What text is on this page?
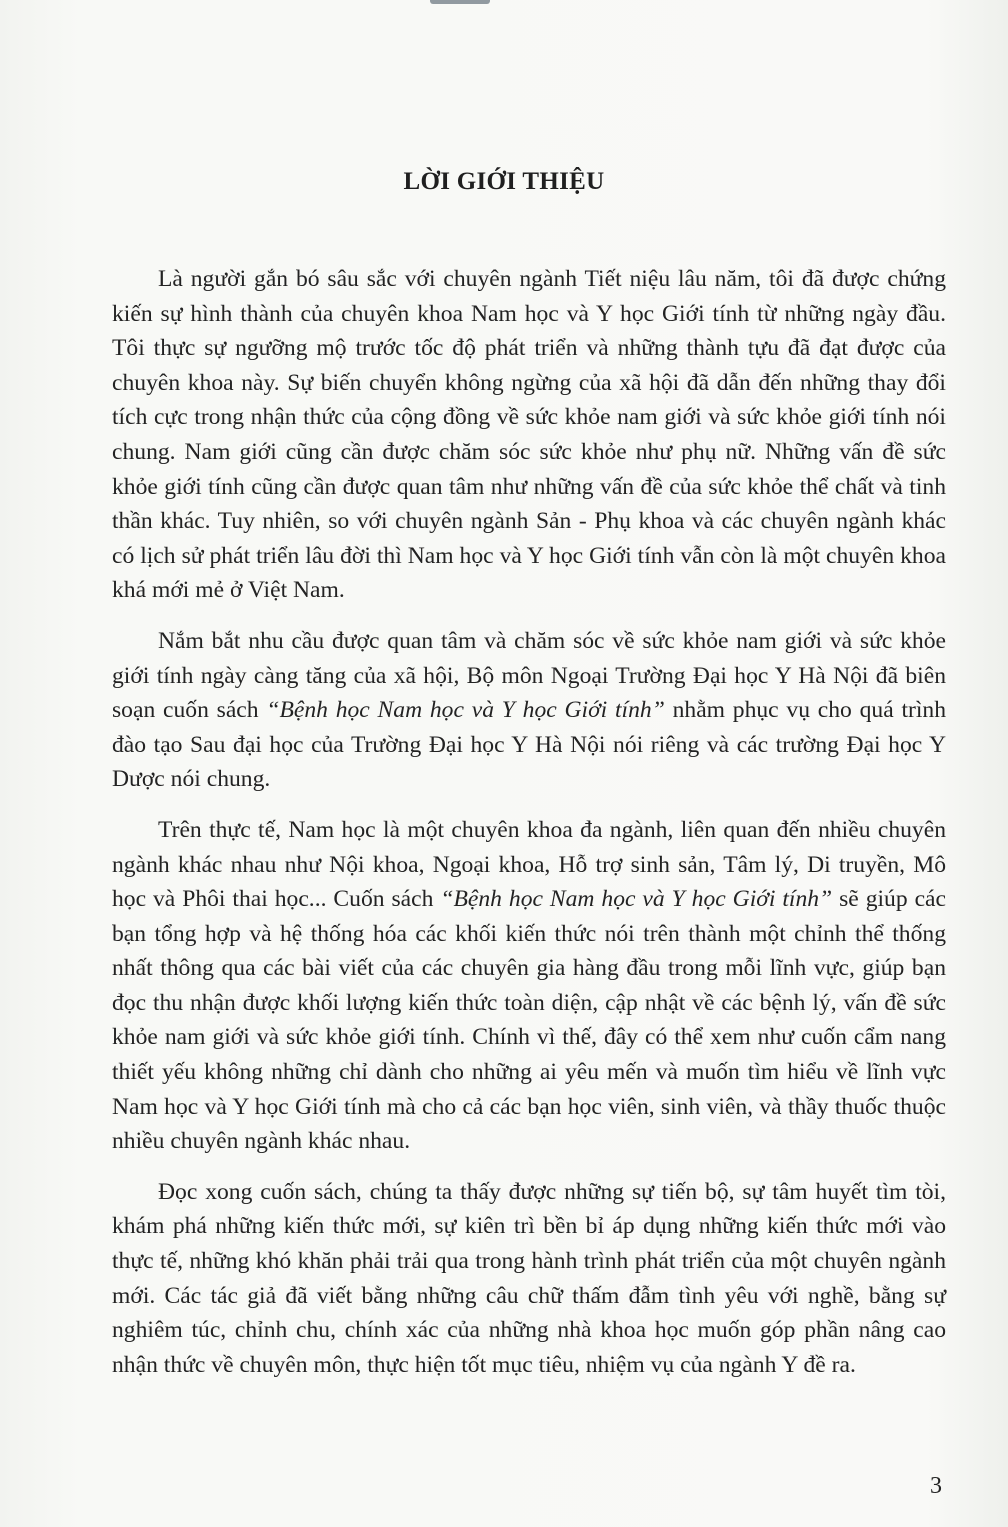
LỜI GIỚI THIỆU

Là người gắn bó sâu sắc với chuyên ngành Tiết niệu lâu năm, tôi đã được chứng kiến sự hình thành của chuyên khoa Nam học và Y học Giới tính từ những ngày đầu. Tôi thực sự ngưỡng mộ trước tốc độ phát triển và những thành tựu đã đạt được của chuyên khoa này. Sự biến chuyển không ngừng của xã hội đã dẫn đến những thay đổi tích cực trong nhận thức của cộng đồng về sức khỏe nam giới và sức khỏe giới tính nói chung. Nam giới cũng cần được chăm sóc sức khỏe như phụ nữ. Những vấn đề sức khỏe giới tính cũng cần được quan tâm như những vấn đề của sức khỏe thể chất và tinh thần khác. Tuy nhiên, so với chuyên ngành Sản - Phụ khoa và các chuyên ngành khác có lịch sử phát triển lâu đời thì Nam học và Y học Giới tính vẫn còn là một chuyên khoa khá mới mẻ ở Việt Nam.

Nắm bắt nhu cầu được quan tâm và chăm sóc về sức khỏe nam giới và sức khỏe giới tính ngày càng tăng của xã hội, Bộ môn Ngoại Trường Đại học Y Hà Nội đã biên soạn cuốn sách “Bệnh học Nam học và Y học Giới tính” nhằm phục vụ cho quá trình đào tạo Sau đại học của Trường Đại học Y Hà Nội nói riêng và các trường Đại học Y Dược nói chung.

Trên thực tế, Nam học là một chuyên khoa đa ngành, liên quan đến nhiều chuyên ngành khác nhau như Nội khoa, Ngoại khoa, Hỗ trợ sinh sản, Tâm lý, Di truyền, Mô học và Phôi thai học... Cuốn sách “Bệnh học Nam học và Y học Giới tính” sẽ giúp các bạn tổng hợp và hệ thống hóa các khối kiến thức nói trên thành một chỉnh thể thống nhất thông qua các bài viết của các chuyên gia hàng đầu trong mỗi lĩnh vực, giúp bạn đọc thu nhận được khối lượng kiến thức toàn diện, cập nhật về các bệnh lý, vấn đề sức khỏe nam giới và sức khỏe giới tính. Chính vì thế, đây có thể xem như cuốn cẩm nang thiết yếu không những chỉ dành cho những ai yêu mến và muốn tìm hiểu về lĩnh vực Nam học và Y học Giới tính mà cho cả các bạn học viên, sinh viên, và thầy thuốc thuộc nhiều chuyên ngành khác nhau.

Đọc xong cuốn sách, chúng ta thấy được những sự tiến bộ, sự tâm huyết tìm tòi, khám phá những kiến thức mới, sự kiên trì bền bỉ áp dụng những kiến thức mới vào thực tế, những khó khăn phải trải qua trong hành trình phát triển của một chuyên ngành mới. Các tác giả đã viết bằng những câu chữ thấm đẫm tình yêu với nghề, bằng sự nghiêm túc, chỉnh chu, chính xác của những nhà khoa học muốn góp phần nâng cao nhận thức về chuyên môn, thực hiện tốt mục tiêu, nhiệm vụ của ngành Y đề ra.

3
